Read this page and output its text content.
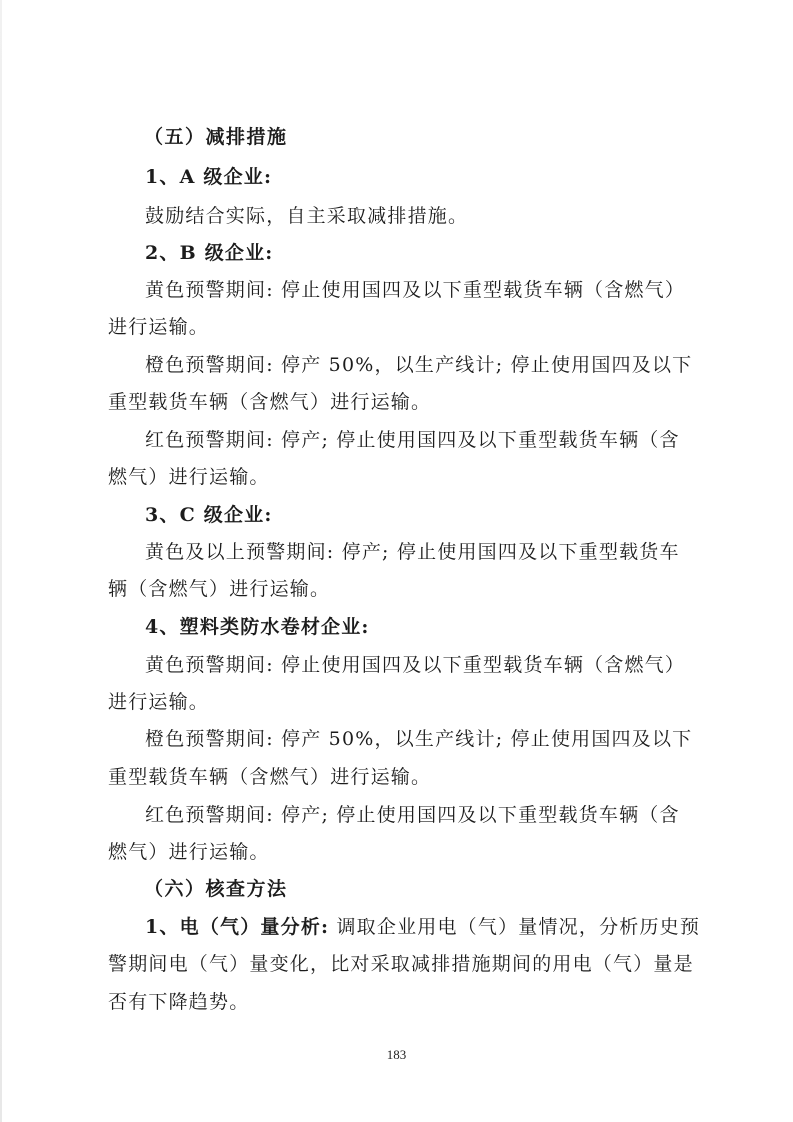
（五）减排措施
1、A 级企业:
鼓励结合实际，自主采取减排措施。
2、B 级企业:
黄色预警期间: 停止使用国四及以下重型载货车辆（含燃气）
进行运输。
橙色预警期间: 停产 50%，以生产线计; 停止使用国四及以下
重型载货车辆（含燃气）进行运输。
红色预警期间: 停产; 停止使用国四及以下重型载货车辆（含
燃气）进行运输。
3、C 级企业:
黄色及以上预警期间: 停产; 停止使用国四及以下重型载货车
辆（含燃气）进行运输。
4、塑料类防水卷材企业:
黄色预警期间: 停止使用国四及以下重型载货车辆（含燃气）
进行运输。
橙色预警期间: 停产 50%，以生产线计; 停止使用国四及以下
重型载货车辆（含燃气）进行运输。
红色预警期间: 停产; 停止使用国四及以下重型载货车辆（含
燃气）进行运输。
（六）核查方法
1、电（气）量分析: 调取企业用电（气）量情况，分析历史预
警期间电（气）量变化，比对采取减排措施期间的用电（气）量是
否有下降趋势。
183
